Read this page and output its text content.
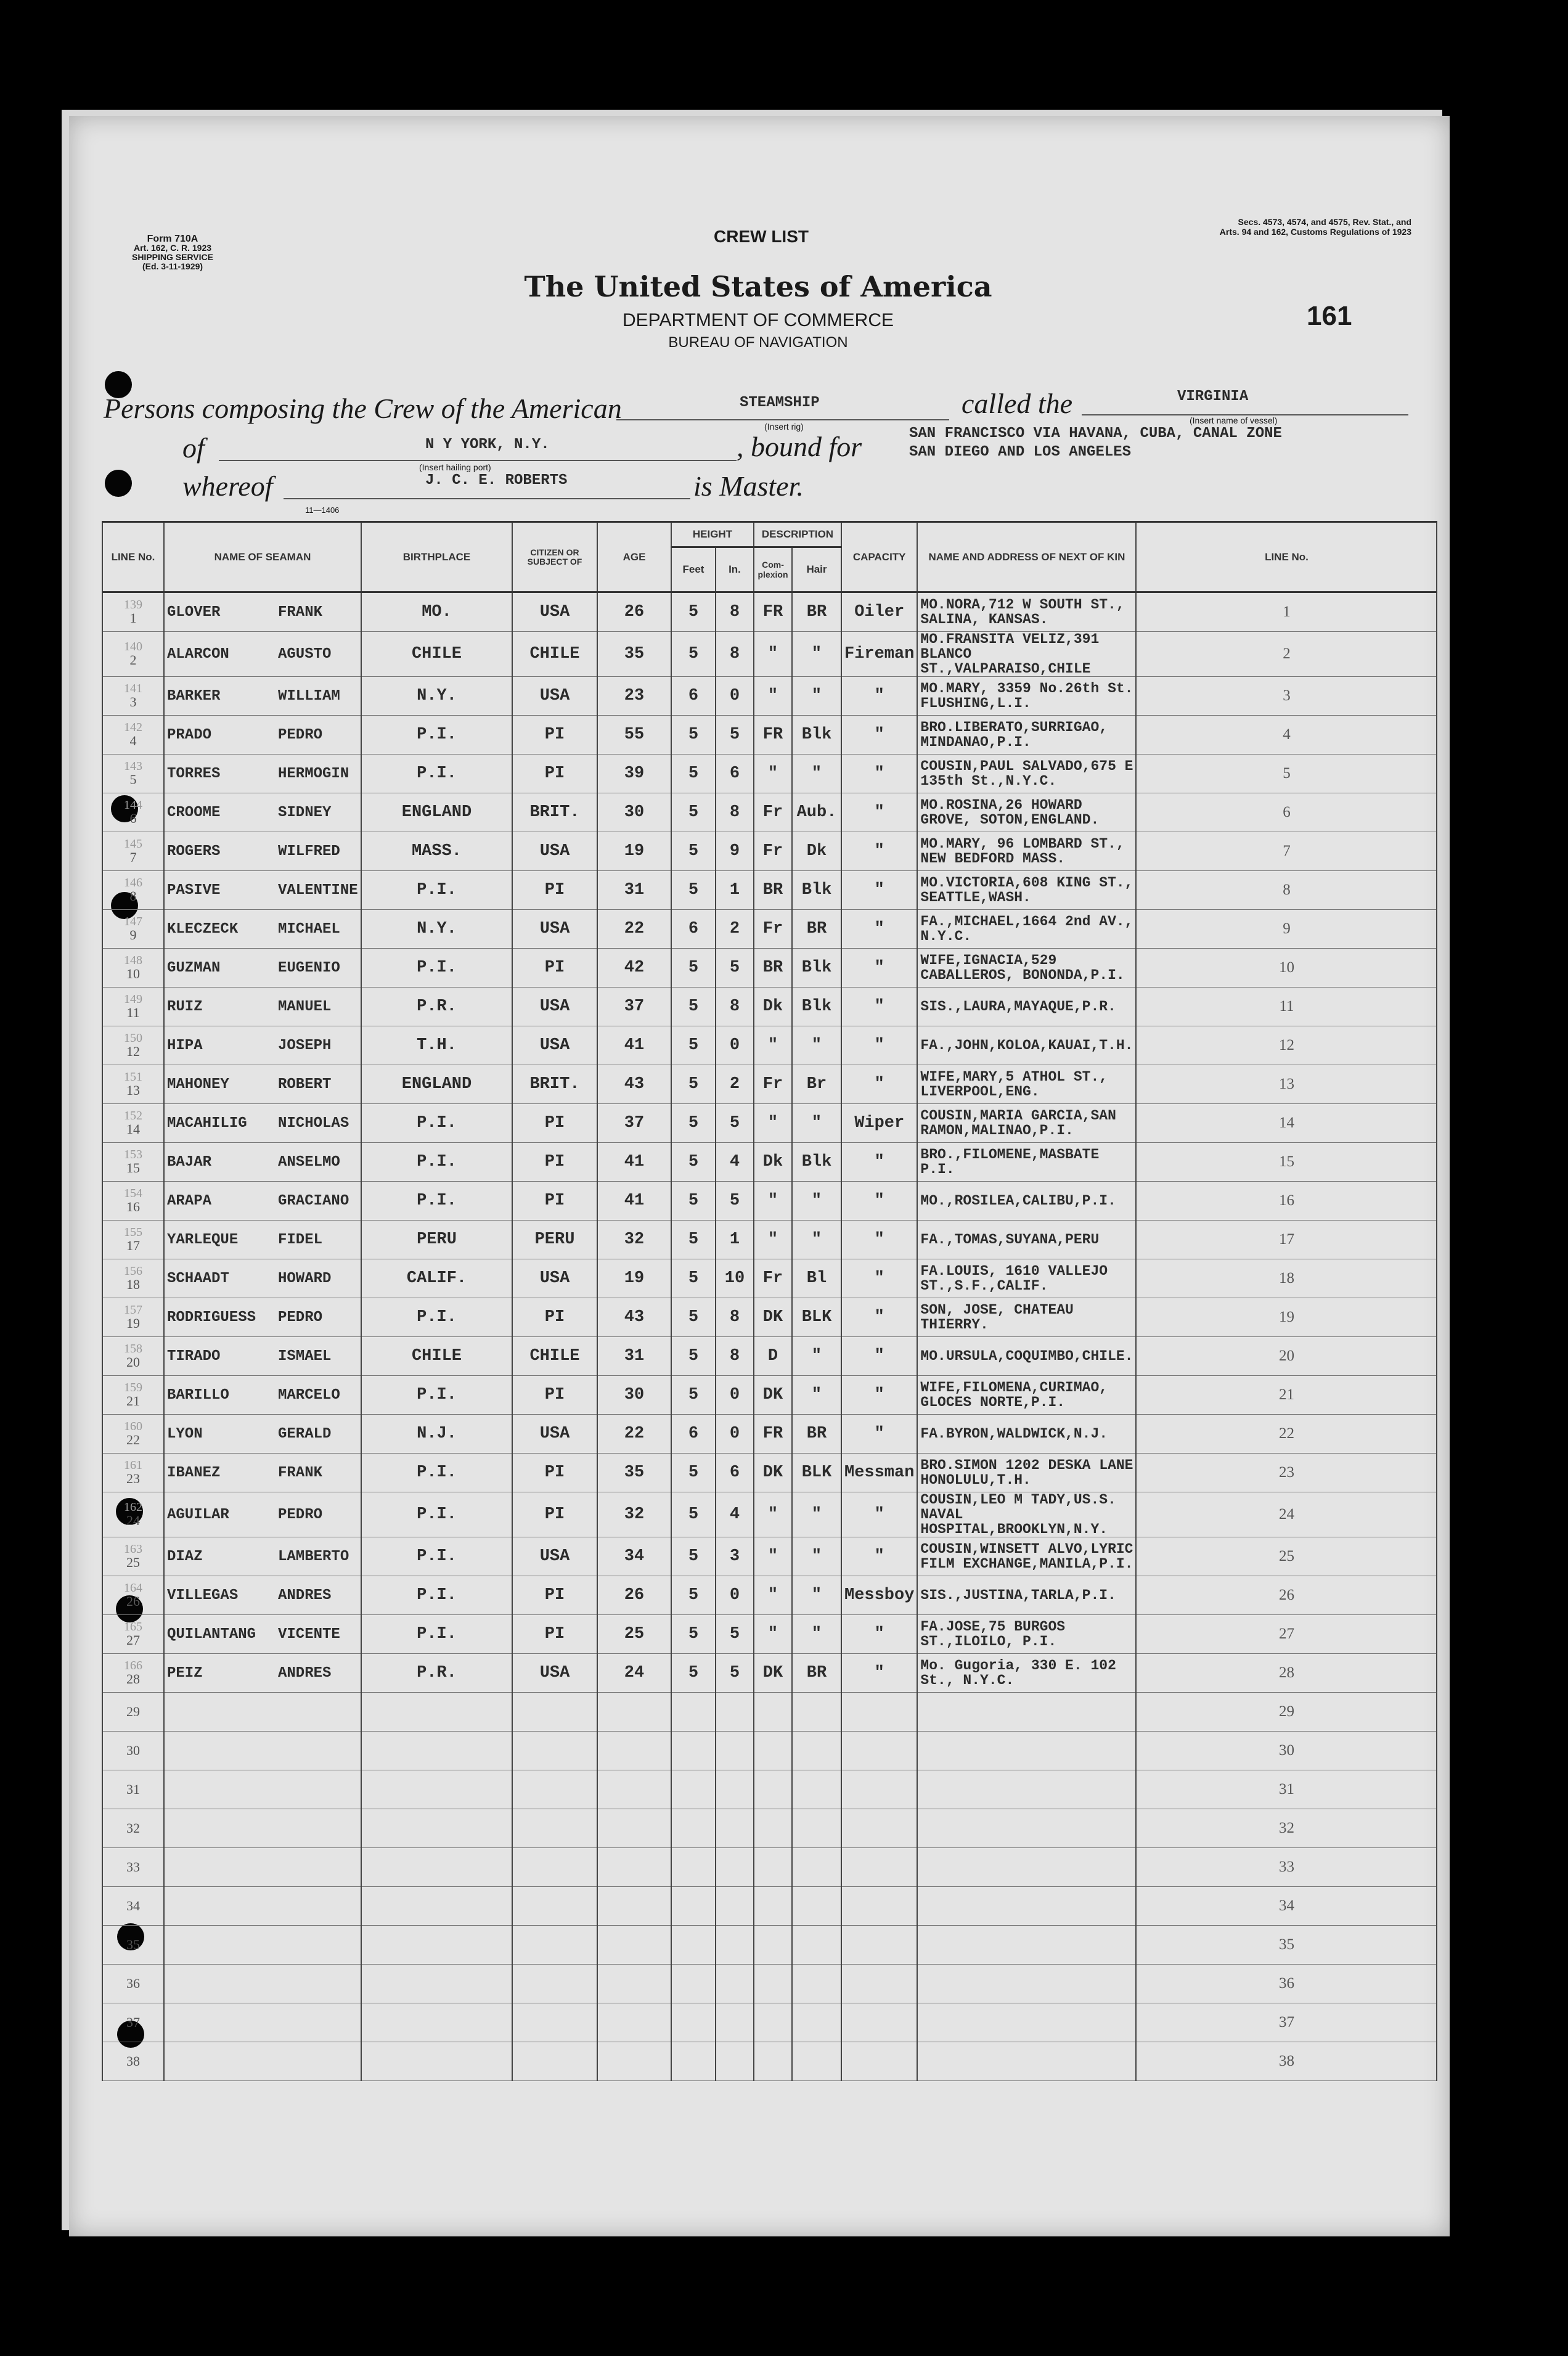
Form 710A
Art. 162, C. R. 1923
SHIPPING SERVICE
(Ed. 3-11-1929)
Secs. 4573, 4574, and 4575, Rev. Stat., and
Arts. 94 and 162, Customs Regulations of 1923
CREW LIST
The United States of America
DEPARTMENT OF COMMERCE
BUREAU OF NAVIGATION
161
Persons composing the Crew of the American	STEAMSHIP
(Insert rig)
called the	VIRGINIA
(Insert name of vessel)
of	N Y YORK, N.Y.
(Insert hailing port)
, bound for	SAN FRANCISCO VIA HAVANA, CUBA, CANAL ZONE
SAN DIEGO AND LOS ANGELES
whereof	J. C. E. ROBERTS	is Master.
11—1406
LINE No.	NAME OF SEAMAN	BIRTHPLACE	CITIZEN OR SUBJECT OF	AGE	HEIGHT		DESCRIPTION		CAPACITY	NAME AND ADDRESS OF NEXT OF KIN	LINE No.
					Feet	In.	Com-plexion	Hair			

139
1	GLOVER FRANK	MO.	USA	26	5	8	FR	BR	Oiler	MO.NORA,712 W SOUTH ST., SALINA, KANSAS.	1

140
2	ALARCON AGUSTO	CHILE	CHILE	35	5	8	"	"	Fireman	MO.FRANSITA VELIZ,391 BLANCO ST.,VALPARAISO,CHILE	2

141
3	BARKER WILLIAM	N.Y.	USA	23	6	0	"	"	"	MO.MARY, 3359 No.26th St. FLUSHING,L.I.	3

142
4	PRADO PEDRO	P.I.	PI	55	5	5	FR	Blk	"	BRO.LIBERATO,SURRIGAO, MINDANAO,P.I.	4

143
5	TORRES HERMOGIN	P.I.	PI	39	5	6	"	"	"	COUSIN,PAUL SALVADO,675 E 135th St.,N.Y.C.	5

144
6	CROOME SIDNEY	ENGLAND	BRIT.	30	5	8	Fr	Aub.	"	MO.ROSINA,26 HOWARD GROVE, SOTON,ENGLAND.	6

145
7	ROGERS WILFRED	MASS.	USA	19	5	9	Fr	Dk	"	MO.MARY, 96 LOMBARD ST., NEW BEDFORD MASS.	7

146
8	PASIVE VALENTINE	P.I.	PI	31	5	1	BR	Blk	"	MO.VICTORIA,608 KING ST., SEATTLE,WASH.	8

147
9	KLECZECK MICHAEL	N.Y.	USA	22	6	2	Fr	BR	"	FA.,MICHAEL,1664 2nd AV., N.Y.C.	9

148
10	GUZMAN EUGENIO	P.I.	PI	42	5	5	BR	Blk	"	WIFE,IGNACIA,529 CABALLEROS, BONONDA,P.I.	10

149
11	RUIZ MANUEL	P.R.	USA	37	5	8	Dk	Blk	"	SIS.,LAURA,MAYAQUE,P.R.	11

150
12	HIPA JOSEPH	T.H.	USA	41	5	0	"	"	"	FA.,JOHN,KOLOA,KAUAI,T.H.	12

151
13	MAHONEY ROBERT	ENGLAND	BRIT.	43	5	2	Fr	Br	"	WIFE,MARY,5 ATHOL ST., LIVERPOOL,ENG.	13

152
14	MACAHILIG NICHOLAS	P.I.	PI	37	5	5	"	"	Wiper	COUSIN,MARIA GARCIA,SAN RAMON,MALINAO,P.I.	14

153
15	BAJAR ANSELMO	P.I.	PI	41	5	4	Dk	Blk	"	BRO.,FILOMENE,MASBATE P.I.	15

154
16	ARAPA GRACIANO	P.I.	PI	41	5	5	"	"	"	MO.,ROSILEA,CALIBU,P.I.	16

155
17	YARLEQUE FIDEL	PERU	PERU	32	5	1	"	"	"	FA.,TOMAS,SUYANA,PERU	17

156
18	SCHAADT HOWARD	CALIF.	USA	19	5	10	Fr	Bl	"	FA.LOUIS, 1610 VALLEJO ST.,S.F.,CALIF.	18

157
19	RODRIGUESS PEDRO	P.I.	PI	43	5	8	DK	BLK	"	SON, JOSE, CHATEAU THIERRY.	19

158
20	TIRADO ISMAEL	CHILE	CHILE	31	5	8	D	"	"	MO.URSULA,COQUIMBO,CHILE.	20

159
21	BARILLO MARCELO	P.I.	PI	30	5	0	DK	"	"	WIFE,FILOMENA,CURIMAO, GLOCES NORTE,P.I.	21

160
22	LYON GERALD	N.J.	USA	22	6	0	FR	BR	"	FA.BYRON,WALDWICK,N.J.	22

161
23	IBANEZ FRANK	P.I.	PI	35	5	6	DK	BLK	Messman	BRO.SIMON 1202 DESKA LANE HONOLULU,T.H.	23

162
24	AGUILAR PEDRO	P.I.	PI	32	5	4	"	"	"	COUSIN,LEO M TADY,US.S. NAVAL HOSPITAL,BROOKLYN,N.Y.	24

163
25	DIAZ LAMBERTO	P.I.	USA	34	5	3	"	"	"	COUSIN,WINSETT ALVO,LYRIC FILM EXCHANGE,MANILA,P.I.	25

164
26	VILLEGAS ANDRES	P.I.	PI	26	5	0	"	"	Messboy	SIS.,JUSTINA,TARLA,P.I.	26

165
27	QUILANTANG VICENTE	P.I.	PI	25	5	5	"	"	"	FA.JOSE,75 BURGOS ST.,ILOILO, P.I.	27

166
28	PEIZ ANDRES	P.R.	USA	24	5	5	DK	BR	"	Mo. Gugoria, 330 E. 102 St., N.Y.C.	28

29											29

30											30

31											31

32											32

33											33

34											34

35											35

36											36

37											37

38											38
